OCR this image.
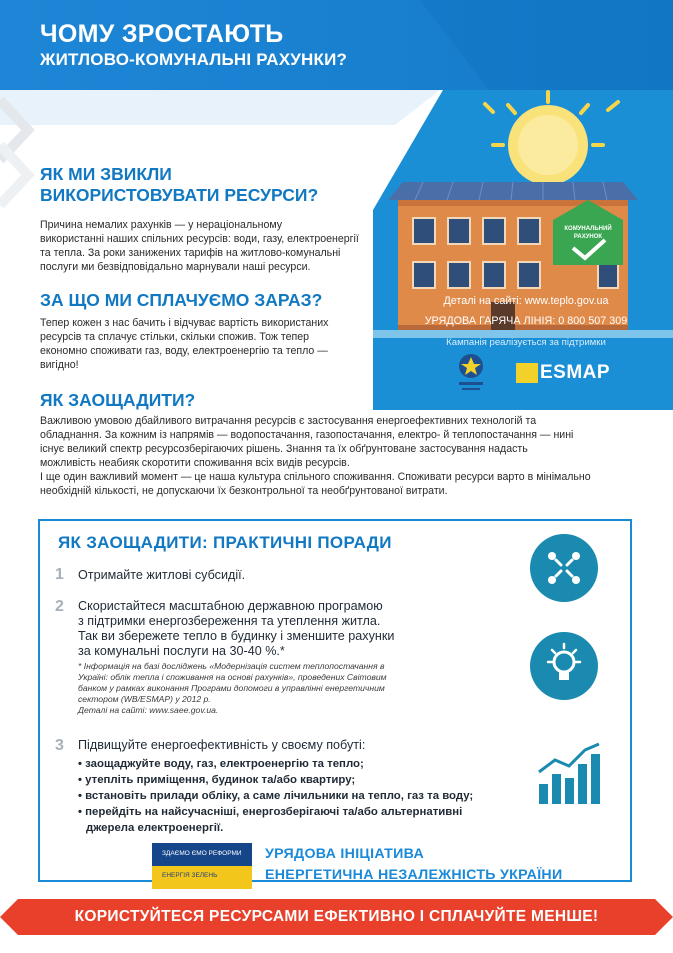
ЧОМУ ЗРОСТАЮТЬ
ЖИТЛОВО-КОМУНАЛЬНІ РАХУНКИ?
ЯК МИ ЗВИКЛИ
ВИКОРИСТОВУВАТИ РЕСУРСИ?
Причина немалих рахунків — у нераціональному
використанні наших спільних ресурсів: води, газу, електроенергії
та тепла. За роки занижених тарифів на житлово-комунальні
послуги ми безвідповідально марнували наші ресурси.
ЗА ЩО МИ СПЛАЧУЄМО ЗАРАЗ?
Тепер кожен з нас бачить і відчуває вартість використаних
ресурсів та сплачує стільки, скільки спожив. Тож тепер
економно споживати газ, воду, електроенергію та тепло —
вигідно!
КОМУНАЛЬНИЙ
РАХУНОК
Деталі на сайті: www.teplo.gov.ua
УРЯДОВА ГАРЯЧА ЛІНІЯ: 0 800 507 309
Кампанія реалізується за підтримки
ESMAP
ЯК ЗАОЩАДИТИ?
Важливою умовою дбайливого витрачання ресурсів є застосування енергоефективних технологій та
обладнання. За кожним із напрямів — водопостачання, газопостачання, електро- й теплопостачання — нині
існує великий спектр ресурсозберігаючих рішень. Знання та їх обґрунтоване застосування надасть
можливість неабияк скоротити споживання всіх видів ресурсів.
І ще один важливий момент — це наша культура спільного споживання. Споживати ресурси варто в мінімально
необхідній кількості, не допускаючи їх безконтрольної та необґрунтованої витрати.
ЯК ЗАОЩАДИТИ: ПРАКТИЧНІ ПОРАДИ
1 Отримайте житлові субсидії.
2 Скористайтеся масштабною державною програмою
з підтримки енергозбереження та утеплення житла.
Так ви збережете тепло в будинку і зменшите рахунки
за комунальні послуги на 30-40 %.*
* Інформація на базі досліджень «Модернізація систем теплопостачання в
Україні: облік тепла і споживання на основі рахунків», проведених Світовим
банком у рамках виконання Програми допомоги в управлінні енергетичним
сектором (WB/ESMAP) у 2012 р.
Деталі на сайті: www.saee.gov.ua.
3 Підвищуйте енергоефективність у своєму побуті:
• заощаджуйте воду, газ, електроенергію та тепло;
• утепліть приміщення, будинок та/або квартиру;
• встановіть прилади обліку, а саме лічильники на тепло, газ та воду;
• перейдіть на найсучасніші, енергозберігаючі та/або альтернативні
джерела електроенергії.
ЗДАЄМО ЄМО РЕФОРМИ
ЕНЕРГІЯ ЗЕЛЕНЬ
УРЯДОВА ІНІЦІАТИВА
ЕНЕРГЕТИЧНА НЕЗАЛЕЖНІСТЬ УКРАЇНИ
КОРИСТУЙТЕСЯ РЕСУРСАМИ ЕФЕКТИВНО І СПЛАЧУЙТЕ МЕНШЕ!
